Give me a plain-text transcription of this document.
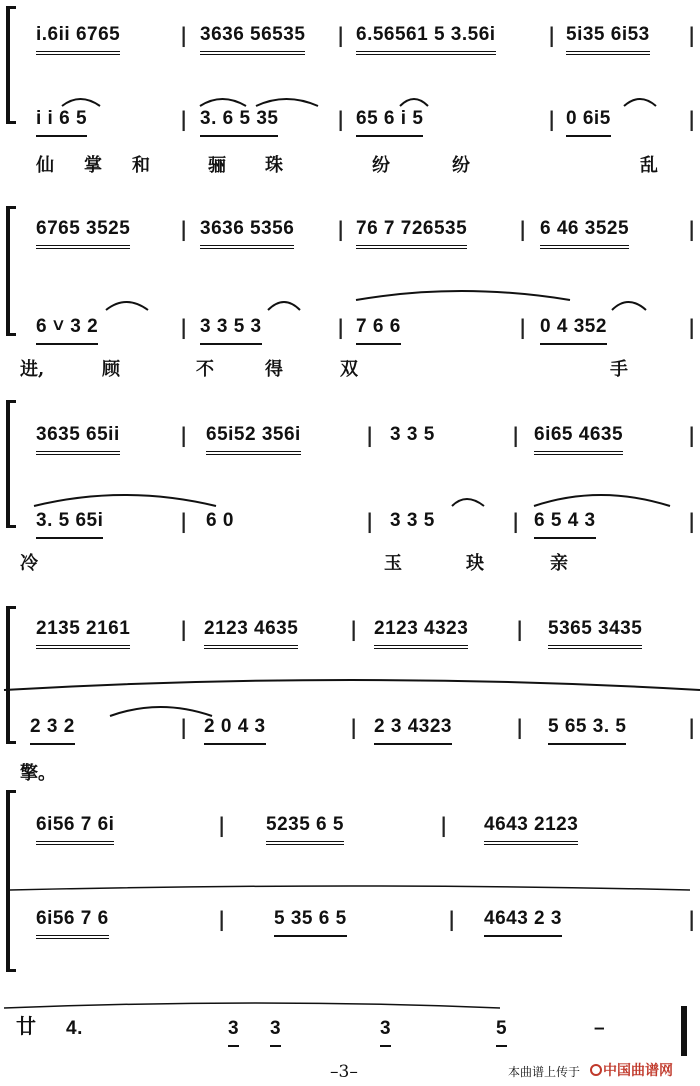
i.6ii 6765	| 3636 56535 | 6.56561 5 3.56i	| 5i35 6i53 |
i i 6 5	| 3. 6 5 35	| 65 6 i 5	| 0 6i5	|
仙 掌 和	骊 珠	纷	纷	乱
6765 3525 | 3636 5356 | 76 7 726535	| 6 46 3525	|
6 ˅ 3 2	| 3 3 5 3	| 7 6 6	| 0 4 352	|
进,	顾	不	得	双	手
3635 65ii	| 65i52 356i	| 3 3 5	| 6i65 4635	|
3. 5 65i	| 6 0	| 3 3 5	| 6 5 4 3	|
冷	玉	玦	亲
2135 2161 | 2123 4635	| 2123 4323 | 5365 3435
2 3 2	| 2 0 4 3	| 2 3 4323	| 5 65 3. 5	|
擎。
6i56 7 6i	| 5235 6 5	| 4643 2123
6i56 7 6	|	5 35 6 5	| 4643 2 3	|
廿 4.	3 3	3	5	–
–3–	本曲谱上传于 中国曲谱网
